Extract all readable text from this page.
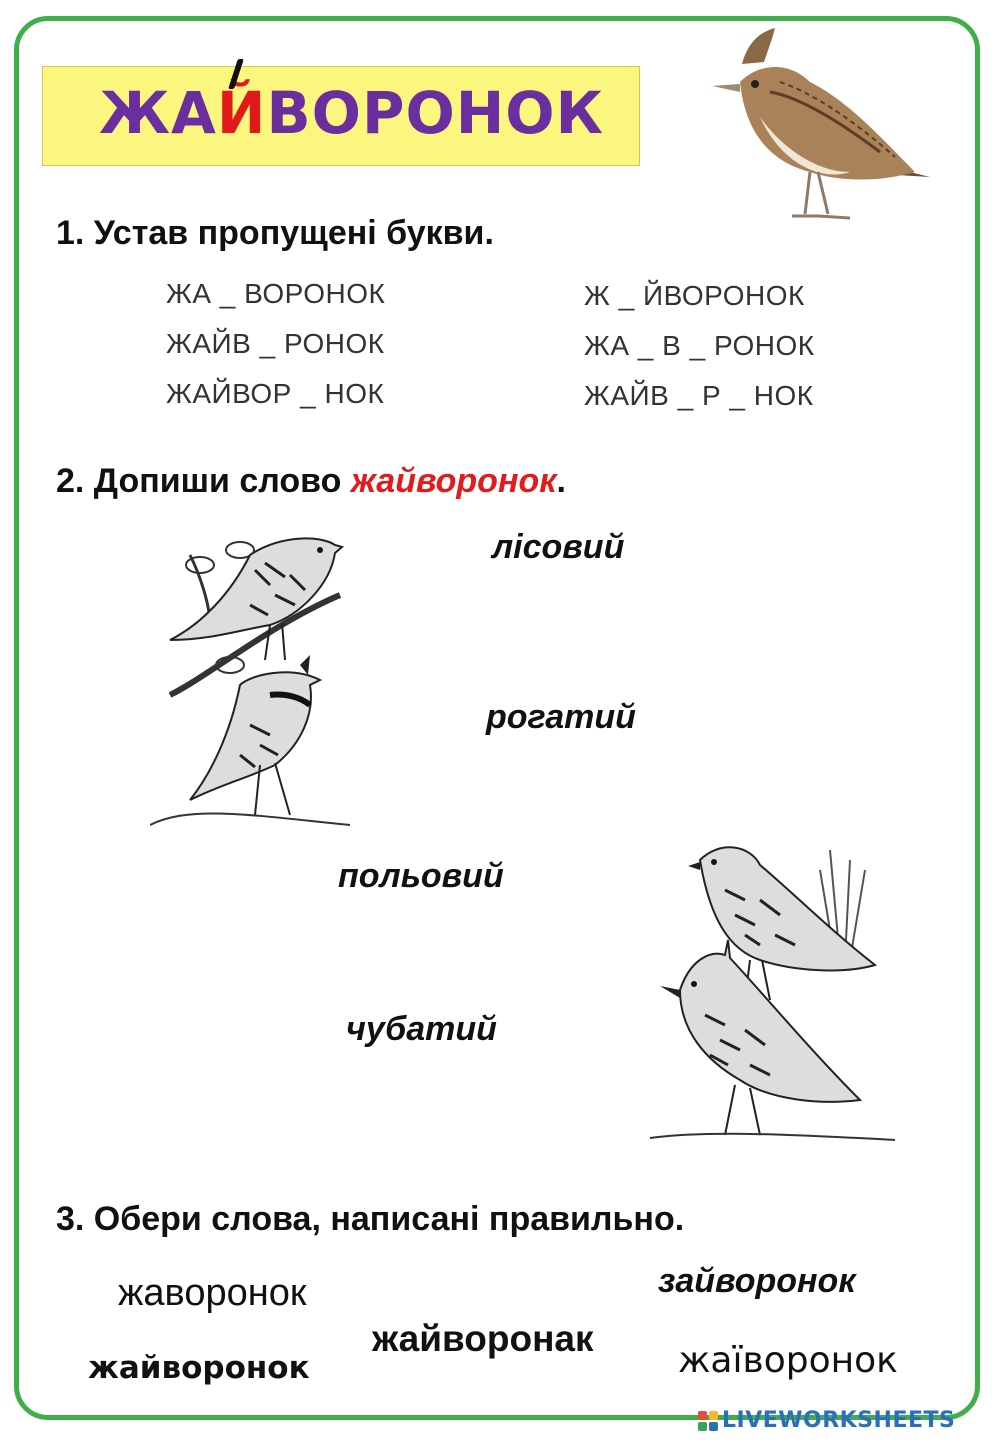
ЖАЙВОРОНОК
1. Устав пропущені букви.
ЖА _ ВОРОНОК
ЖАЙВ _ РОНОК
ЖАЙВОР _ НОК
Ж _ ЙВОРОНОК
ЖА _ В _ РОНОК
ЖАЙВ _ Р _ НОК
2. Допиши слово жайворонок.
лісовий
рогатий
польовий
чубатий
3. Обери слова, написані правильно.
жаворонок	зайворонок
жайворонак
жайворонок	жаїворонок
LIVEWORKSHEETS
